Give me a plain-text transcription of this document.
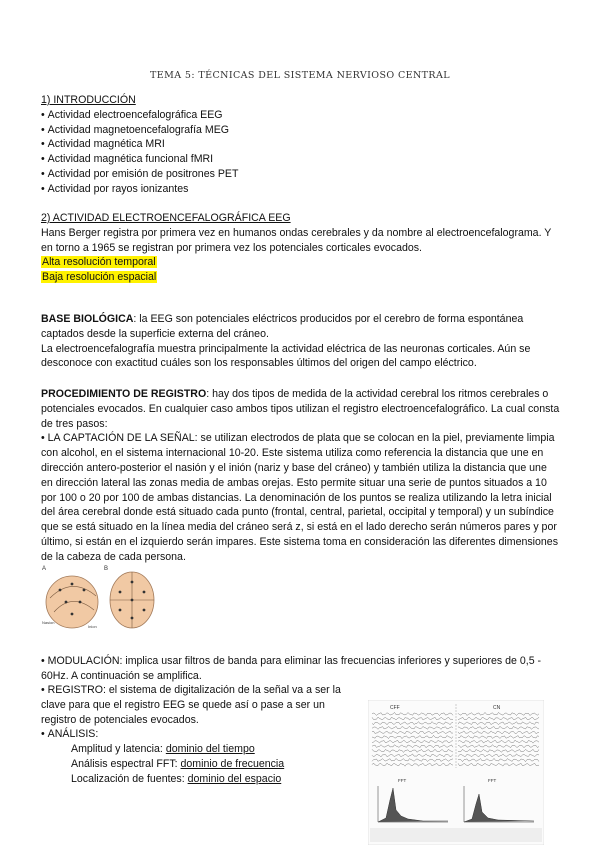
TEMA 5: TÉCNICAS DEL SISTEMA NERVIOSO CENTRAL
1) INTRODUCCIÓN
• Actividad electroencefalográfica EEG
• Actividad magnetoencefalografía MEG
• Actividad magnética MRI
• Actividad magnética funcional fMRI
• Actividad por emisión de positrones PET
• Actividad por rayos ionizantes
2) ACTIVIDAD ELECTROENCEFALOGRÁFICA EEG

Hans Berger registra por primera vez en humanos ondas cerebrales y da nombre al electroencefalograma. Y en torno a 1965 se registran por primera vez los potenciales corticales evocados.

Alta resolución temporal
Baja resolución espacial

BASE BIOLÓGICA: la EEG son potenciales eléctricos producidos por el cerebro de forma espontánea captados desde la superficie externa del cráneo.

La electroencefalografía muestra principalmente la actividad eléctrica de las neuronas corticales. Aún se desconoce con exactitud cuáles son los responsables últimos del origen del campo eléctrico.

PROCEDIMIENTO DE REGISTRO: hay dos tipos de medida de la actividad cerebral los ritmos cerebrales o potenciales evocados. En cualquier caso ambos tipos utilizan el registro electroencefalográfico. La cual consta de tres pasos:

• LA CAPTACIÓN DE LA SEÑAL: se utilizan electrodos de plata que se colocan en la piel, previamente limpia con alcohol, en el sistema internacional 10-20. Este sistema utiliza como referencia la distancia que une en dirección antero-posterior el nasión y el inión (nariz y base del cráneo) y también utiliza la distancia que une en dirección lateral las zonas media de ambas orejas. Esto permite situar una serie de puntos situados a 10 por 100 o 20 por 100 de ambas distancias. La denominación de los puntos se realiza utilizando la letra inicial del área cerebral donde está situado cada punto (frontal, central, parietal, occipital y temporal) y un subíndice que se está situado en la línea media del cráneo será z, si está en el lado derecho serán números pares y por último, si están en el izquierdo serán impares. Este sistema toma en consideración las diferentes dimensiones de la cabeza de cada persona.
A	B
Nasion
Inion
• MODULACIÓN: implica usar filtros de banda para eliminar las frecuencias inferiores y superiores de 0,5 - 60Hz. A continuación se amplifica.
• REGISTRO: el sistema de digitalización de la señal va a ser la clave para que el registro EEG se quede así o pase a ser un registro de potenciales evocados.
• ANÁLISIS:
Amplitud y latencia: dominio del tiempo
Análisis espectral FFT: dominio de frecuencia
Localización de fuentes: dominio del espacio
CFF	CN
FFT	FFT
